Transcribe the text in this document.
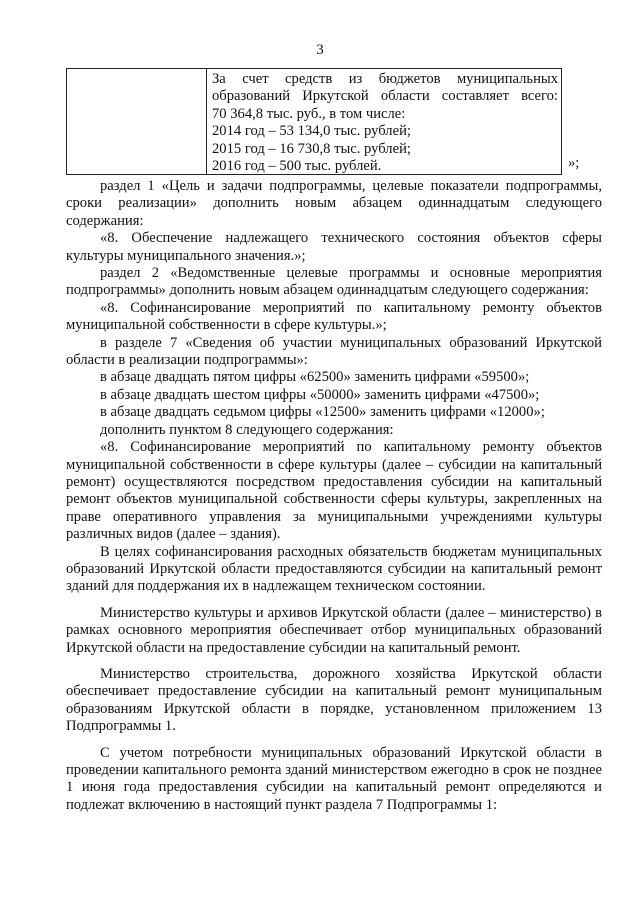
3
За счет средств из бюджетов муниципальных
образований Иркутской области составляет всего:
70 364,8 тыс. руб., в том числе:
2014 год – 53 134,0 тыс. рублей;
2015 год – 16 730,8 тыс. рублей;
2016 год – 500 тыс. рублей.	»;

раздел 1 «Цель и задачи подпрограммы, целевые показатели подпрограммы, сроки реализации» дополнить новым абзацем одиннадцатым следующего содержания:

«8. Обеспечение надлежащего технического состояния объектов сферы культуры муниципального значения.»;

раздел 2 «Ведомственные целевые программы и основные мероприятия подпрограммы» дополнить новым абзацем одиннадцатым следующего содержания:

«8. Софинансирование мероприятий по капитальному ремонту объектов муниципальной собственности в сфере культуры.»;

в разделе 7 «Сведения об участии муниципальных образований Иркутской области в реализации подпрограммы»:

в абзаце двадцать пятом цифры «62500» заменить цифрами «59500»;

в абзаце двадцать шестом цифры «50000» заменить цифрами «47500»;

в абзаце двадцать седьмом цифры «12500» заменить цифрами «12000»;

дополнить пунктом 8 следующего содержания:

«8. Софинансирование мероприятий по капитальному ремонту объектов муниципальной собственности в сфере культуры (далее – субсидии на капитальный ремонт) осуществляются посредством предоставления субсидии на капитальный ремонт объектов муниципальной собственности сферы культуры, закрепленных на праве оперативного управления за муниципальными учреждениями культуры различных видов (далее – здания).

В целях софинансирования расходных обязательств бюджетам муниципальных образований Иркутской области предоставляются субсидии на капитальный ремонт зданий для поддержания их в надлежащем техническом состоянии.

Министерство культуры и архивов Иркутской области (далее – министерство) в рамках основного мероприятия обеспечивает отбор муниципальных образований Иркутской области на предоставление субсидии на капитальный ремонт.

Министерство строительства, дорожного хозяйства Иркутской области обеспечивает предоставление субсидии на капитальный ремонт муниципальным образованиям Иркутской области в порядке, установленном приложением 13 Подпрограммы 1.

С учетом потребности муниципальных образований Иркутской области в проведении капитального ремонта зданий министерством ежегодно в срок не позднее 1 июня года предоставления субсидии на капитальный ремонт определяются и подлежат включению в настоящий пункт раздела 7 Подпрограммы 1:
